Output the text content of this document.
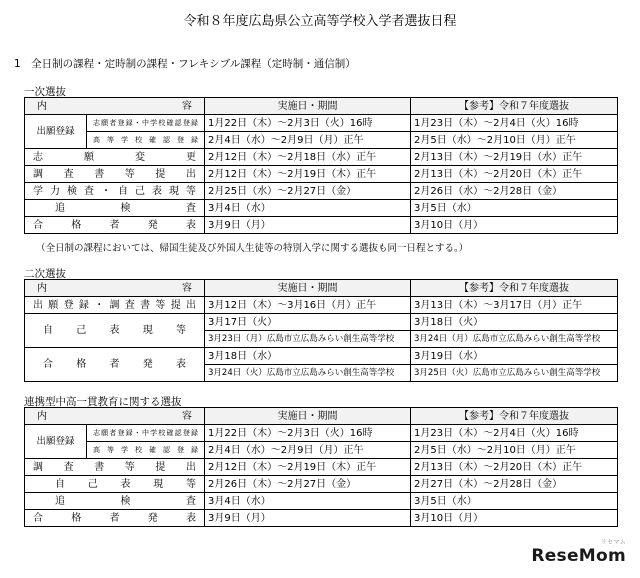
令和８年度広島県公立高等学校入学者選抜日程
1　全日制の課程・定時制の課程・フレキシブル課程（定時制・通信制）
一次選抜
内　　容		実施日・期間	【参考】令和７年度選抜
出願登録	志願者登録・中学校確認登録	1月22日（木）～2月3日（火）16時	1月23日（木）～2月4日（火）16時
	高等学校確認登録	2月4日（水）～2月9日（月）正午	2月5日（水）～2月10日（月）正午
志願変更		2月12日（木）～2月18日（水）正午	2月13日（木）～2月19日（水）正午
調査書等提出		2月12日（木）～2月19日（木）正午	2月13日（木）～2月20日（木）正午
学力検査・自己表現等		2月25日（水）～2月27日（金）	2月26日（水）～2月28日（金）
追検査		3月4日（水）	3月5日（水）
合格者発表		3月9日（月）	3月10日（月）
（全日制の課程においては、帰国生徒及び外国人生徒等の特別入学に関する選抜も同一日程とする。）
二次選抜
内　　容	実施日・期間	【参考】令和７年度選抜
出願登録・調査書等提出	3月12日（木）～3月16日（月）正午	3月13日（木）～3月17日（月）正午
自己表現等	3月17日（火）	3月18日（火）
	3月23日（月）広島市立広島みらい創生高等学校	3月24日（月）広島市立広島みらい創生高等学校
合格者発表	3月18日（水）	3月19日（水）
	3月24日（火）広島市立広島みらい創生高等学校	3月25日（火）広島市立広島みらい創生高等学校
連携型中高一貫教育に関する選抜
内　　容		実施日・期間	【参考】令和７年度選抜
出願登録	志願者登録・中学校確認登録	1月22日（木）～2月3日（火）16時	1月23日（木）～2月4日（火）16時
	高等学校確認登録	2月4日（水）～2月9日（月）正午	2月5日（水）～2月10日（月）正午
調査書等提出		2月12日（木）～2月19日（木）正午	2月13日（木）～2月20日（木）正午
自己表現等		2月26日（木）～2月27日（金）	2月27日（木）～2月28日（金）
追検査		3月4日（水）	3月5日（水）
合格者発表		3月9日（月）	3月10日（月）
リセマム
ReseMom
